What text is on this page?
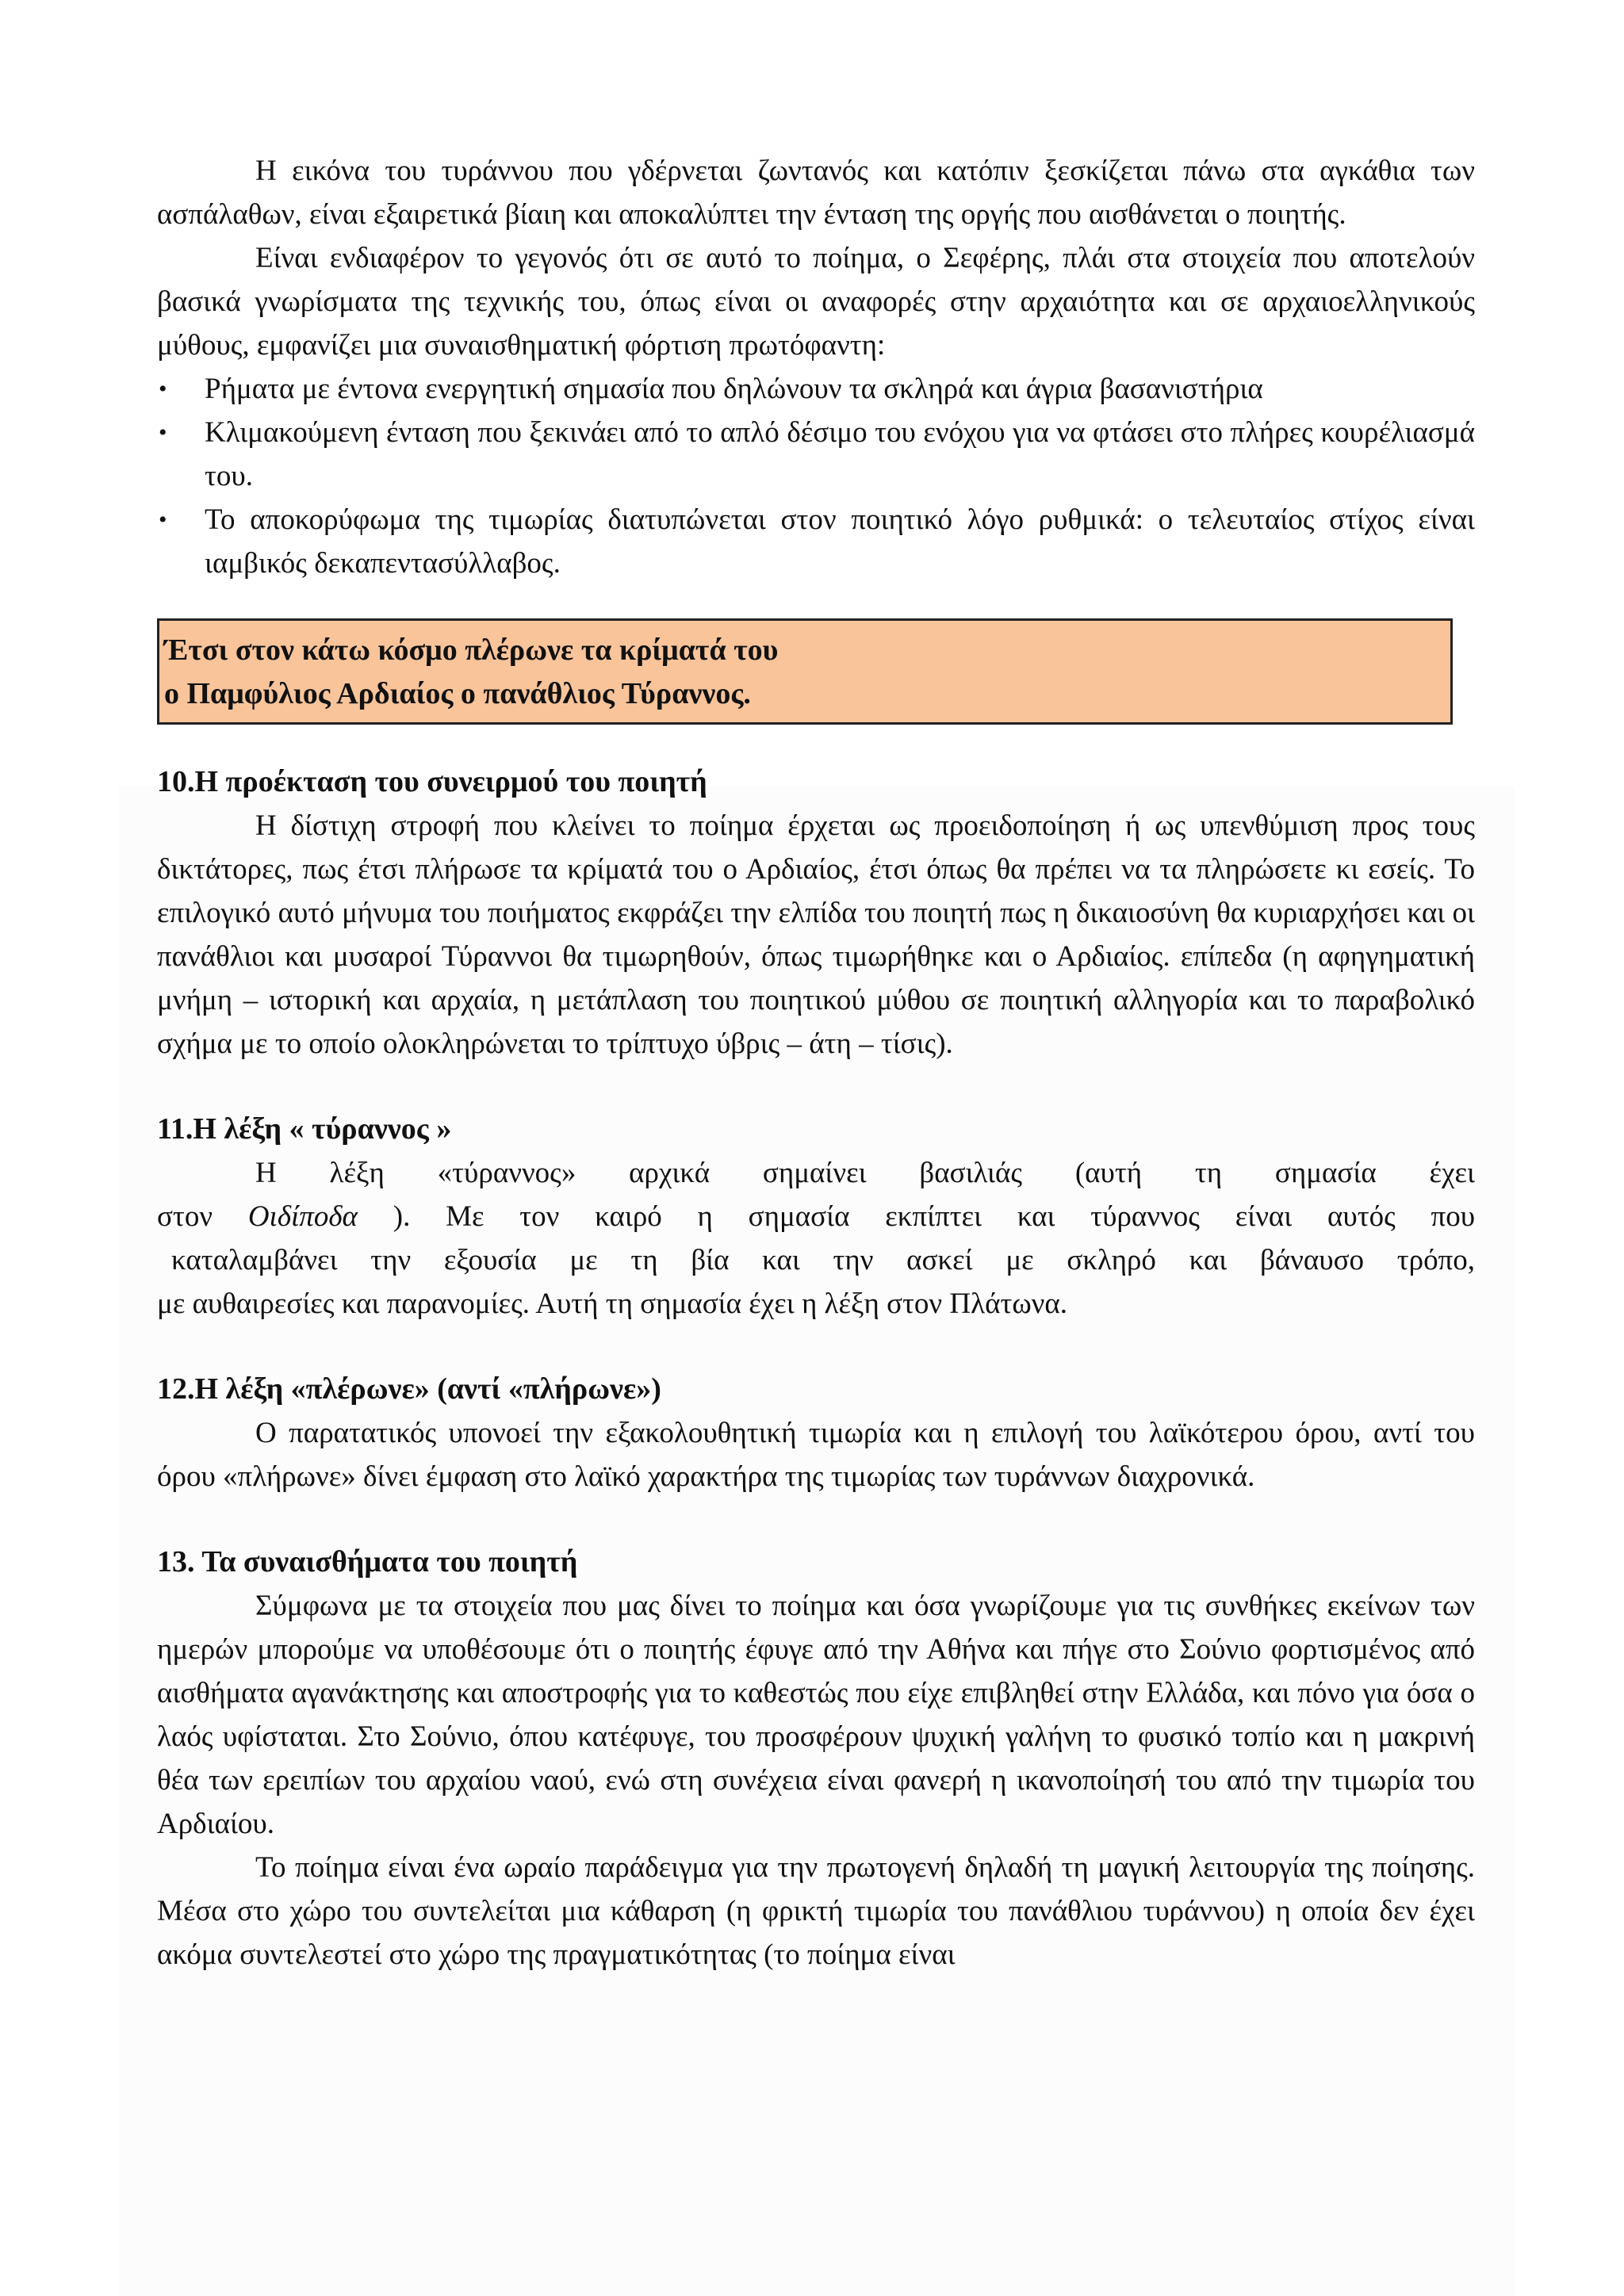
Η εικόνα του τυράννου που γδέρνεται ζωντανός και κατόπιν ξεσκίζεται πάνω στα αγκάθια των ασπάλαθων, είναι εξαιρετικά βίαιη και αποκαλύπτει την ένταση της οργής που αισθάνεται ο ποιητής.

Είναι ενδιαφέρον το γεγονός ότι σε αυτό το ποίημα, ο Σεφέρης, πλάι στα στοιχεία που αποτελούν βασικά γνωρίσματα της τεχνικής του, όπως είναι οι αναφορές στην αρχαιότητα και σε αρχαιοελληνικούς μύθους, εμφανίζει μια συναισθηματική φόρτιση πρωτόφαντη:

• Ρήματα με έντονα ενεργητική σημασία που δηλώνουν τα σκληρά και άγρια βασανιστήρια
• Κλιμακούμενη ένταση που ξεκινάει από το απλό δέσιμο του ενόχου για να φτάσει στο πλήρες κουρέλιασμά του.
• Το αποκορύφωμα της τιμωρίας διατυπώνεται στον ποιητικό λόγο ρυθμικά: ο τελευταίος στίχος είναι ιαμβικός δεκαπεντασύλλαβος.
Έτσι στον κάτω κόσμο πλέρωνε τα κρίματά του
ο Παμφύλιος Αρδιαίος ο πανάθλιος Τύραννος.
10.Η προέκταση του συνειρμού του ποιητή

Η δίστιχη στροφή που κλείνει το ποίημα έρχεται ως προειδοποίηση ή ως υπενθύμιση προς τους δικτάτορες, πως έτσι πλήρωσε τα κρίματά του ο Αρδιαίος, έτσι όπως θα πρέπει να τα πληρώσετε κι εσείς. Το επιλογικό αυτό μήνυμα του ποιήματος εκφράζει την ελπίδα του ποιητή πως η δικαιοσύνη θα κυριαρχήσει και οι πανάθλιοι και μυσαροί Τύραννοι θα τιμωρηθούν, όπως τιμωρήθηκε και ο Αρδιαίος. επίπεδα (η αφηγηματική μνήμη – ιστορική και αρχαία, η μετάπλαση του ποιητικού μύθου σε ποιητική αλληγορία και το παραβολικό σχήμα με το οποίο ολοκληρώνεται το τρίπτυχο ύβρις – άτη – τίσις).

11.Η λέξη « τύραννος »

Η λέξη «τύραννος» αρχικά σημαίνει βασιλιάς (αυτή τη σημασία έχει

στον Οιδίποδα ). Με τον καιρό η σημασία εκπίπτει και τύραννος είναι αυτός που

καταλαμβάνει την εξουσία με τη βία και την ασκεί με σκληρό και βάναυσο τρόπο,

με αυθαιρεσίες και παρανομίες. Αυτή τη σημασία έχει η λέξη στον Πλάτωνα.

12.Η λέξη «πλέρωνε» (αντί «πλήρωνε»)

Ο παρατατικός υπονοεί την εξακολουθητική τιμωρία και η επιλογή του λαϊκότερου όρου, αντί του όρου «πλήρωνε» δίνει έμφαση στο λαϊκό χαρακτήρα της τιμωρίας των τυράννων διαχρονικά.

13. Τα συναισθήματα του ποιητή

Σύμφωνα με τα στοιχεία που μας δίνει το ποίημα και όσα γνωρίζουμε για τις συνθήκες εκείνων των ημερών μπορούμε να υποθέσουμε ότι ο ποιητής έφυγε από την Αθήνα και πήγε στο Σούνιο φορτισμένος από αισθήματα αγανάκτησης και αποστροφής για το καθεστώς που είχε επιβληθεί στην Ελλάδα, και πόνο για όσα ο λαός υφίσταται. Στο Σούνιο, όπου κατέφυγε, του προσφέρουν ψυχική γαλήνη το φυσικό τοπίο και η μακρινή θέα των ερειπίων του αρχαίου ναού, ενώ στη συνέχεια είναι φανερή η ικανοποίησή του από την τιμωρία του Αρδιαίου.

Το ποίημα είναι ένα ωραίο παράδειγμα για την πρωτογενή δηλαδή τη μαγική λειτουργία της ποίησης. Μέσα στο χώρο του συντελείται μια κάθαρση (η φρικτή τιμωρία του πανάθλιου τυράννου) η οποία δεν έχει ακόμα συντελεστεί στο χώρο της πραγματικότητας (το ποίημα είναι
